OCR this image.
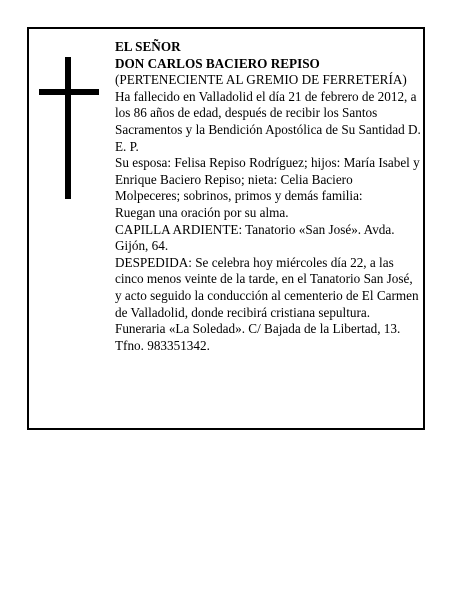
EL SEÑOR

DON CARLOS BACIERO REPISO

(PERTENECIENTE AL GREMIO DE FERRETERÍA)

Ha fallecido en Valladolid el día 21 de febrero de 2012, a los 86 años de edad, después de recibir los Santos Sacramentos y la Bendición Apostólica de Su Santidad D. E. P.

Su esposa: Felisa Repiso Rodríguez; hijos: María Isabel y Enrique Baciero Repiso; nieta: Celia Baciero Molpeceres; sobrinos, primos y demás familia:

Ruegan una oración por su alma.

CAPILLA ARDIENTE: Tanatorio «San José». Avda. Gijón, 64.

DESPEDIDA: Se celebra hoy miércoles día 22, a las cinco menos veinte de la tarde, en el Tanatorio San José, y acto seguido la conducción al cementerio de El Carmen de Valladolid, donde recibirá cristiana sepultura.

Funeraria «La Soledad». C/ Bajada de la Libertad, 13. Tfno. 983351342.
